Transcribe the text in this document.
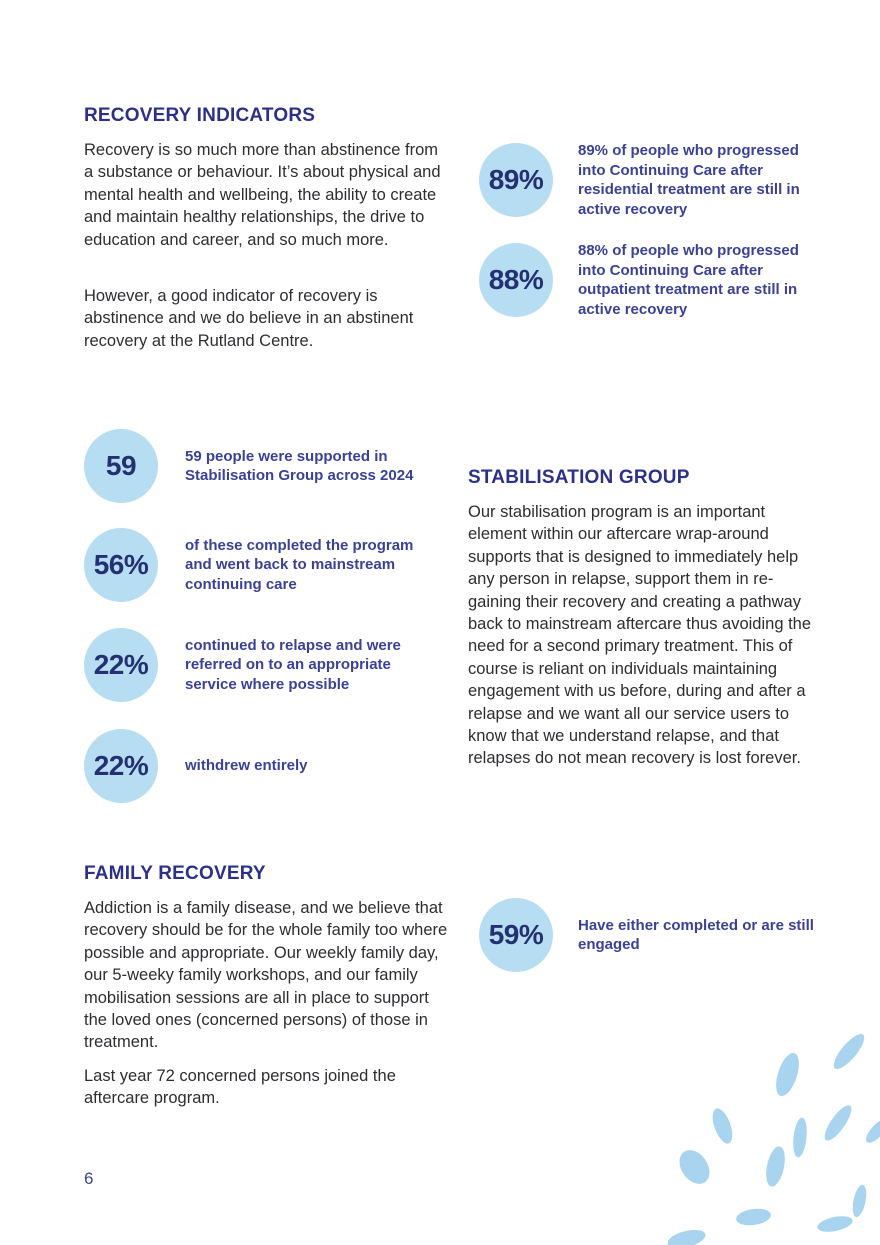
RECOVERY INDICATORS

Recovery is so much more than abstinence from a substance or behaviour. It’s about physical and mental health and wellbeing, the ability to create and maintain healthy relationships, the drive to education and career, and so much more.

However, a good indicator of recovery is abstinence and we do believe in an abstinent recovery at the Rutland Centre.

89%
89% of people who progressed into Continuing Care after residential treatment are still in active recovery
88%
88% of people who progressed into Continuing Care after outpatient treatment are still in active recovery
59	59 people were supported in Stabilisation Group across 2024
56%
of these completed the program and went back to mainstream continuing care
22%
continued to relapse and were referred on to an appropriate service where possible
22% withdrew entirely
STABILISATION GROUP

Our stabilisation program is an important element within our aftercare wrap-around supports that is designed to immediately help any person in relapse, support them in re-gaining their recovery and creating a pathway back to mainstream aftercare thus avoiding the need for a second primary treatment. This of course is reliant on individuals maintaining engagement with us before, during and after a relapse and we want all our service users to know that we understand relapse, and that relapses do not mean recovery is lost forever.

FAMILY RECOVERY

Addiction is a family disease, and we believe that recovery should be for the whole family too where possible and appropriate. Our weekly family day, our 5-weeky family workshops, and our family mobilisation sessions are all in place to support the loved ones (concerned persons) of those in treatment.

Last year 72 concerned persons joined the aftercare program.

59% Have either completed or are still engaged
6
